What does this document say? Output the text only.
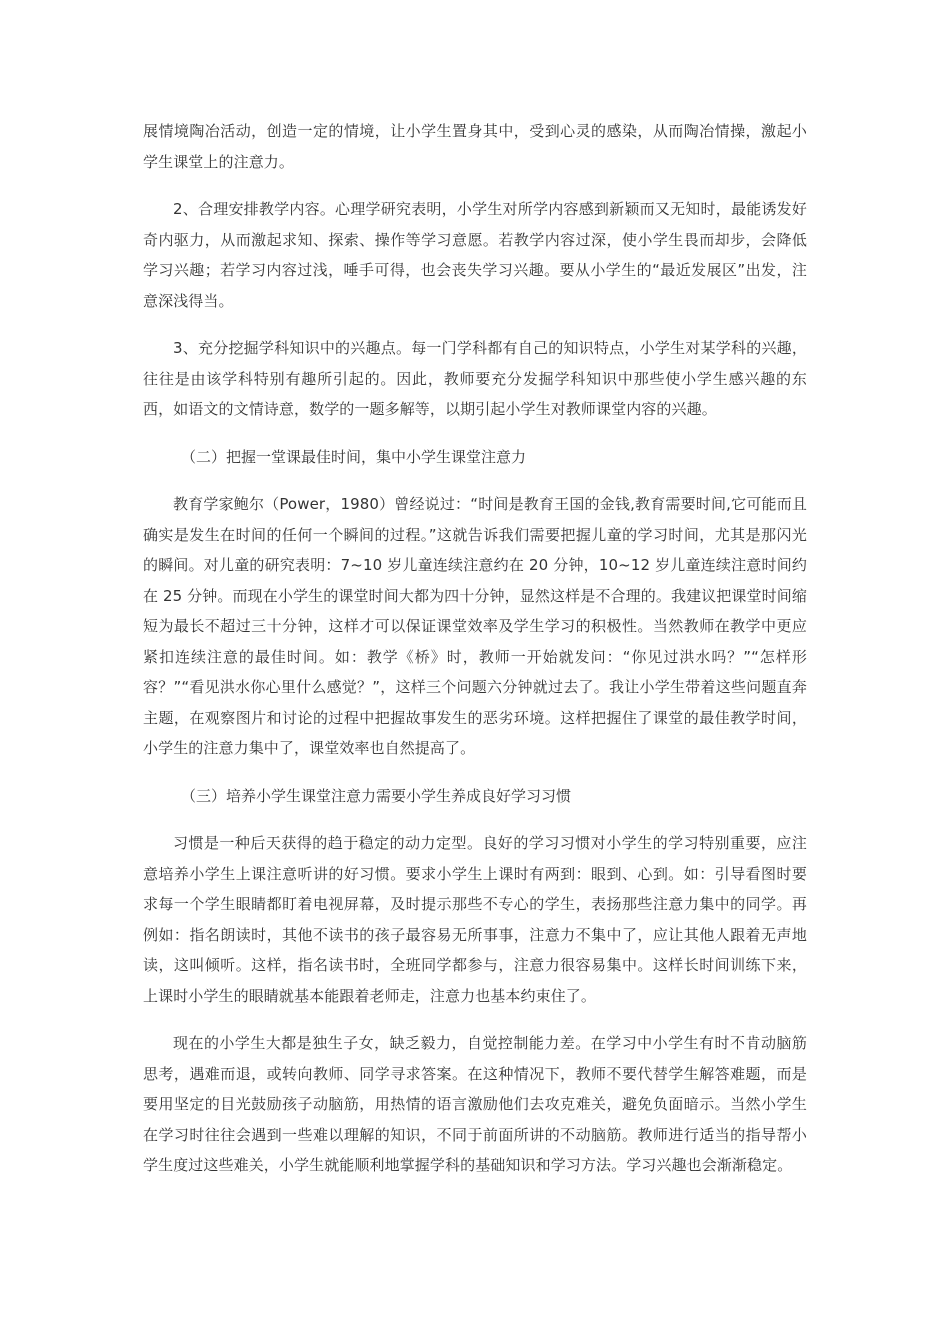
展情境陶冶活动，创造一定的情境，让小学生置身其中，受到心灵的感染，从而陶冶情操，激起小学生课堂上的注意力。

2、合理安排教学内容。心理学研究表明，小学生对所学内容感到新颖而又无知时，最能诱发好奇内驱力，从而激起求知、探索、操作等学习意愿。若教学内容过深，使小学生畏而却步，会降低学习兴趣；若学习内容过浅，唾手可得，也会丧失学习兴趣。要从小学生的“最近发展区”出发，注意深浅得当。

3、充分挖掘学科知识中的兴趣点。每一门学科都有自己的知识特点，小学生对某学科的兴趣，往往是由该学科特别有趣所引起的。因此，教师要充分发掘学科知识中那些使小学生感兴趣的东西，如语文的文情诗意，数学的一题多解等，以期引起小学生对教师课堂内容的兴趣。

（二）把握一堂课最佳时间，集中小学生课堂注意力

教育学家鲍尔（Power，1980）曾经说过：“时间是教育王国的金钱,教育需要时间,它可能而且确实是发生在时间的任何一个瞬间的过程。”这就告诉我们需要把握儿童的学习时间，尤其是那闪光的瞬间。对儿童的研究表明：7~10 岁儿童连续注意约在 20 分钟，10~12 岁儿童连续注意时间约在 25 分钟。而现在小学生的课堂时间大都为四十分钟，显然这样是不合理的。我建议把课堂时间缩短为最长不超过三十分钟，这样才可以保证课堂效率及学生学习的积极性。当然教师在教学中更应紧扣连续注意的最佳时间。如：教学《桥》时，教师一开始就发问：“你见过洪水吗？”“怎样形容？”“看见洪水你心里什么感觉？”，这样三个问题六分钟就过去了。我让小学生带着这些问题直奔主题，在观察图片和讨论的过程中把握故事发生的恶劣环境。这样把握住了课堂的最佳教学时间，小学生的注意力集中了，课堂效率也自然提高了。

（三）培养小学生课堂注意力需要小学生养成良好学习习惯

习惯是一种后天获得的趋于稳定的动力定型。良好的学习习惯对小学生的学习特别重要，应注意培养小学生上课注意听讲的好习惯。要求小学生上课时有两到：眼到、心到。如：引导看图时要求每一个学生眼睛都盯着电视屏幕，及时提示那些不专心的学生，表扬那些注意力集中的同学。再例如：指名朗读时，其他不读书的孩子最容易无所事事，注意力不集中了，应让其他人跟着无声地读，这叫倾听。这样，指名读书时，全班同学都参与，注意力很容易集中。这样长时间训练下来，上课时小学生的眼睛就基本能跟着老师走，注意力也基本约束住了。

现在的小学生大都是独生子女，缺乏毅力，自觉控制能力差。在学习中小学生有时不肯动脑筋思考，遇难而退，或转向教师、同学寻求答案。在这种情况下，教师不要代替学生解答难题，而是要用坚定的目光鼓励孩子动脑筋，用热情的语言激励他们去攻克难关，避免负面暗示。当然小学生在学习时往往会遇到一些难以理解的知识，不同于前面所讲的不动脑筋。教师进行适当的指导帮小学生度过这些难关，小学生就能顺利地掌握学科的基础知识和学习方法。学习兴趣也会渐渐稳定。
